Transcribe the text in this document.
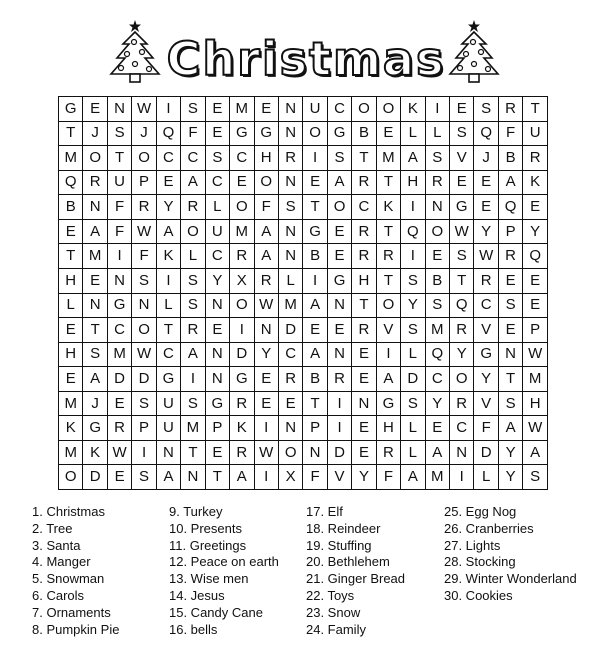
Christmas
G	E	N	W	I	S	E	M	E	N	U	C	O	O	K	I	E	S	R	T
T	J	S	J	Q	F	E	G	G	N	O	G	B	E	L	L	S	Q	F	U
M	O	T	O	C	C	S	C	H	R	I	S	T	M	A	S	V	J	B	R
Q	R	U	P	E	A	C	E	O	N	E	A	R	T	H	R	E	E	A	K
B	N	F	R	Y	R	L	O	F	S	T	O	C	K	I	N	G	E	Q	E
E	A	F	W	A	O	U	M	A	N	G	E	R	T	Q	O	W	Y	P	Y
T	M	I	F	K	L	C	R	A	N	B	E	R	R	I	E	S	W	R	Q
H	E	N	S	I	S	Y	X	R	L	I	G	H	T	S	B	T	R	E	E
L	N	G	N	L	S	N	O	W	M	A	N	T	O	Y	S	Q	C	S	E
E	T	C	O	T	R	E	I	N	D	E	E	R	V	S	M	R	V	E	P
H	S	M	W	C	A	N	D	Y	C	A	N	E	I	L	Q	Y	G	N	W
E	A	D	D	G	I	N	G	E	R	B	R	E	A	D	C	O	Y	T	M
M	J	E	S	U	S	G	R	E	E	T	I	N	G	S	Y	R	V	S	H
K	G	R	P	U	M	P	K	I	N	P	I	E	H	L	E	C	F	A	W
M	K	W	I	N	T	E	R	W	O	N	D	E	R	L	A	N	D	Y	A
O	D	E	S	A	N	T	A	I	X	F	V	Y	F	A	M	I	L	Y	S
1. Christmas
2. Tree
3. Santa
4. Manger
5. Snowman
6. Carols
7. Ornaments
8. Pumpkin Pie
9. Turkey
10. Presents
11. Greetings
12. Peace on earth
13. Wise men
14. Jesus
15. Candy Cane
16. bells
17. Elf
18. Reindeer
19. Stuffing
20. Bethlehem
21. Ginger Bread
22. Toys
23. Snow
24. Family
25. Egg Nog
26. Cranberries
27. Lights
28. Stocking
29. Winter Wonderland
30. Cookies
